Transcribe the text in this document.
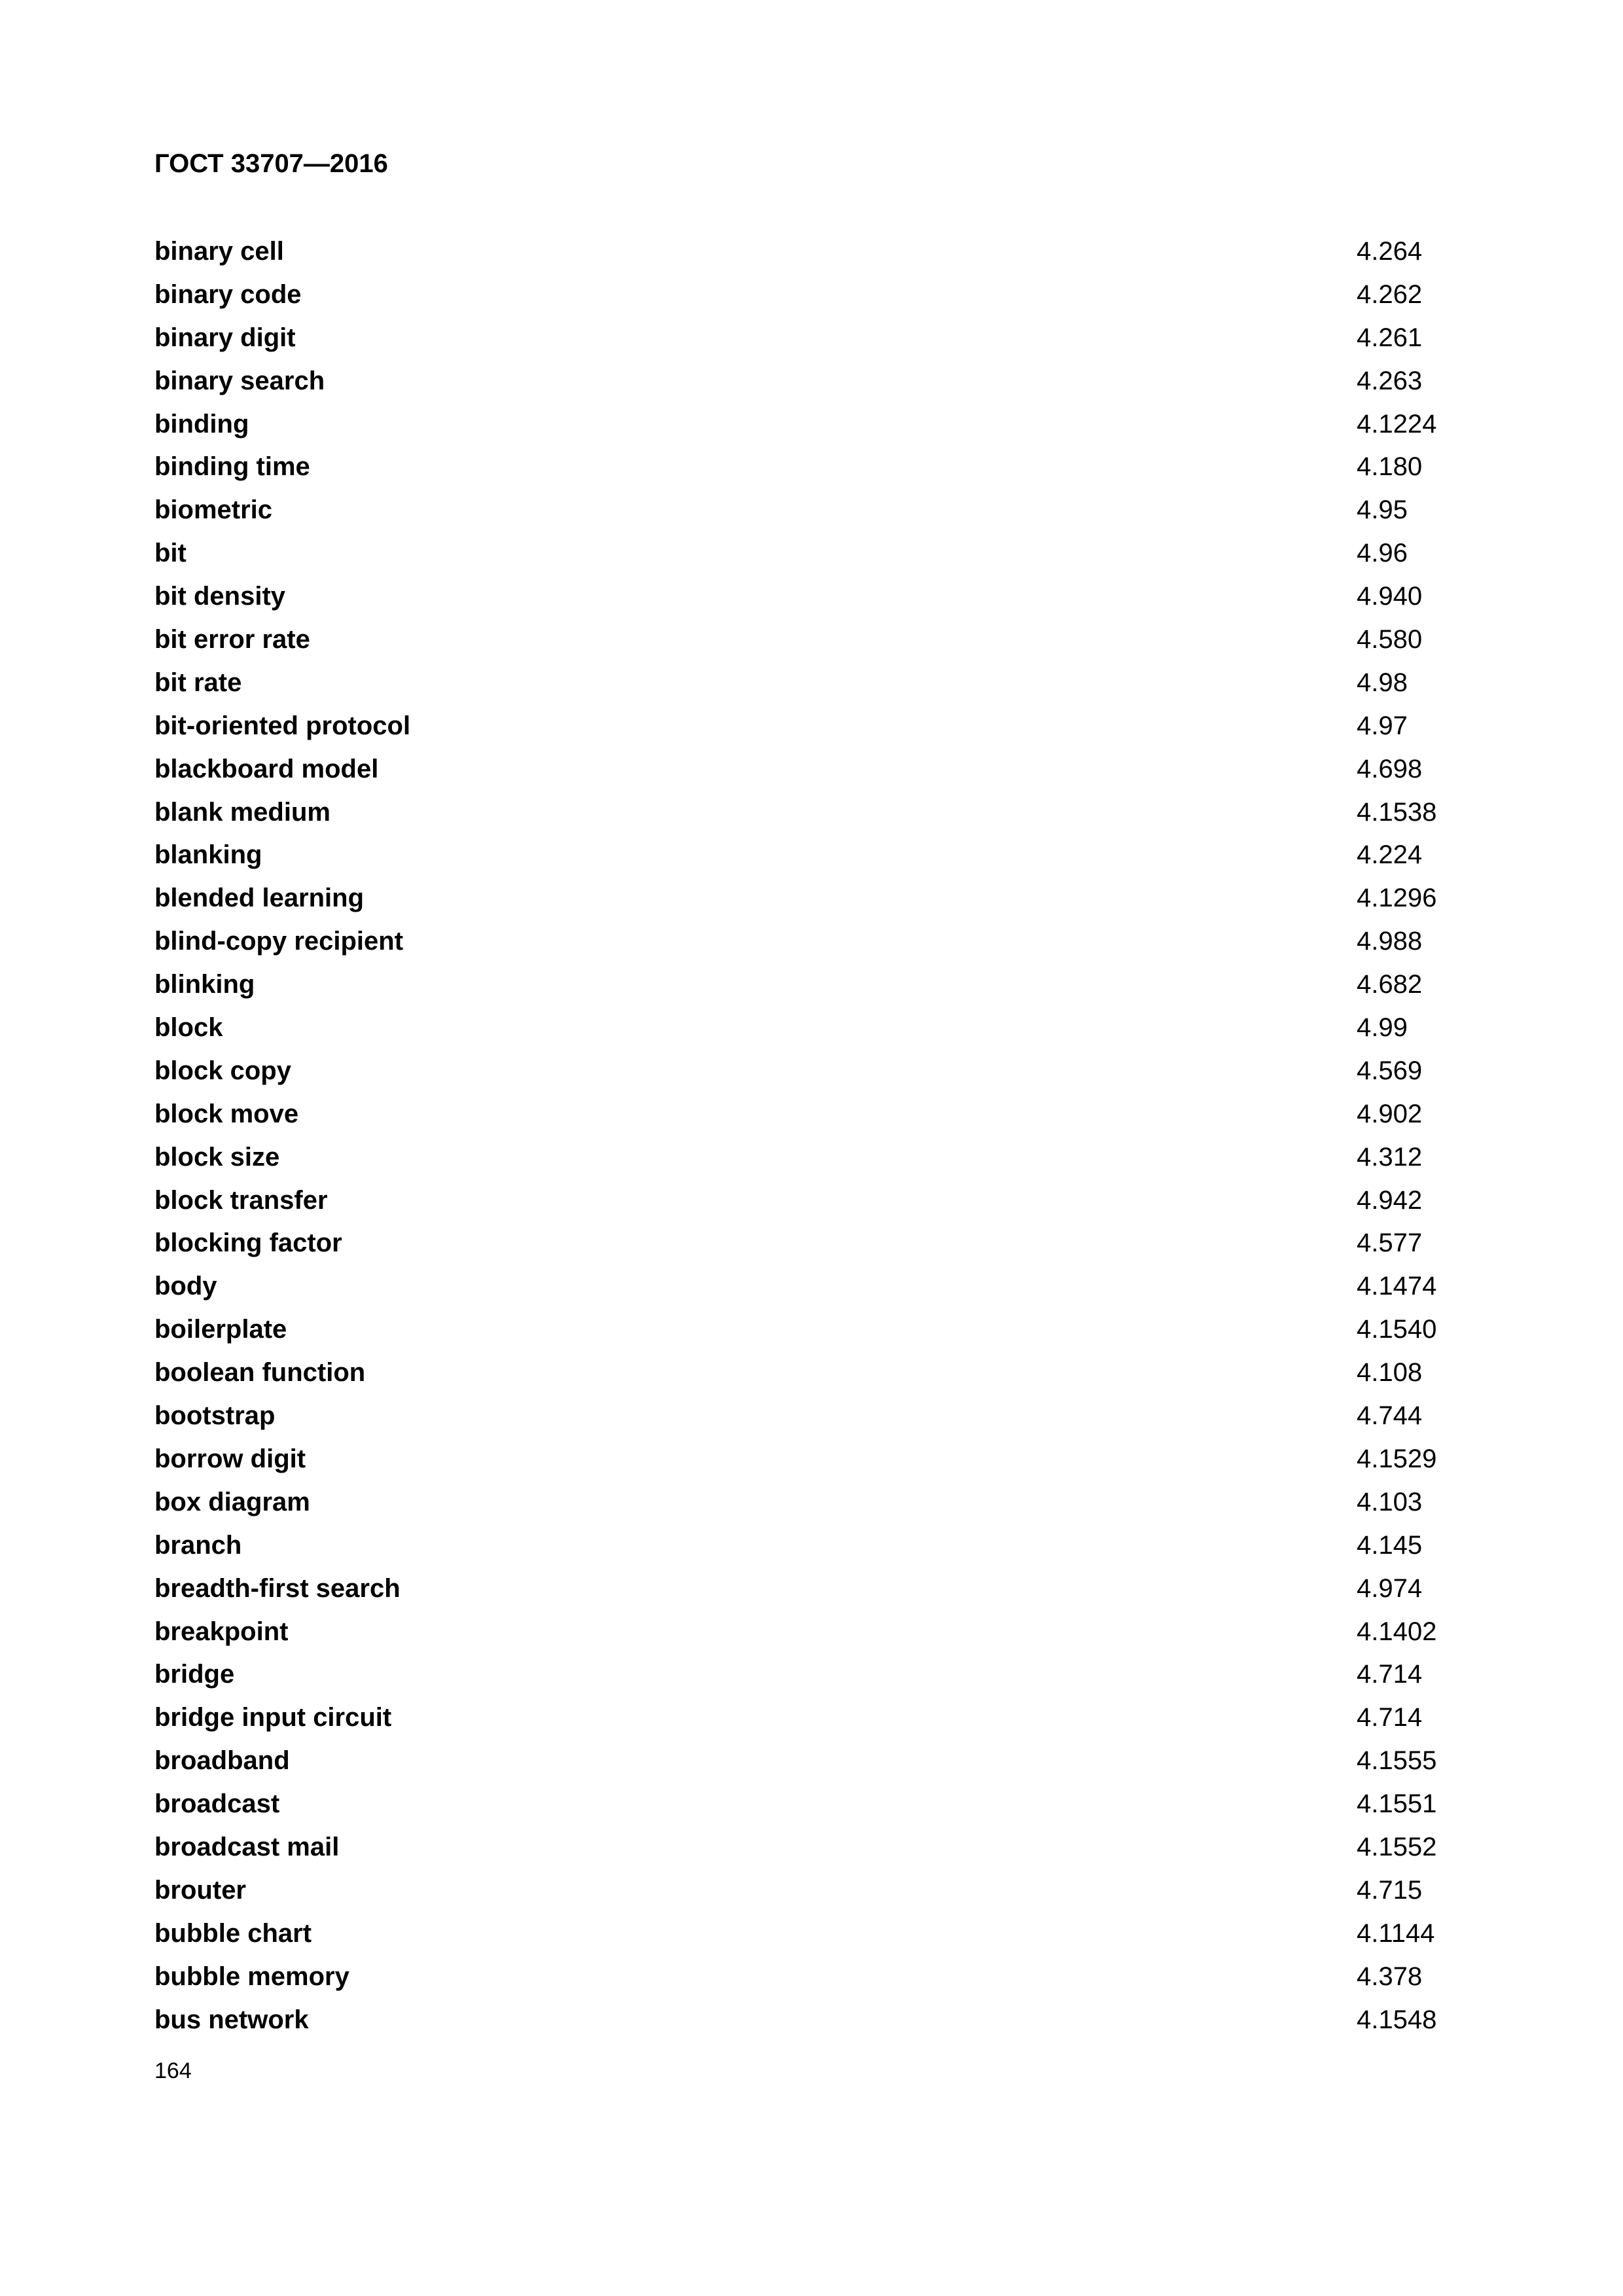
ГОСТ 33707—2016
binary cell	4.264
binary code	4.262
binary digit	4.261
binary search	4.263
binding	4.1224
binding time	4.180
biometric	4.95
bit	4.96
bit density	4.940
bit error rate	4.580
bit rate	4.98
bit-oriented protocol	4.97
blackboard model	4.698
blank medium	4.1538
blanking	4.224
blended learning	4.1296
blind-copy recipient	4.988
blinking	4.682
block	4.99
block copy	4.569
block move	4.902
block size	4.312
block transfer	4.942
blocking factor	4.577
body	4.1474
boilerplate	4.1540
boolean function	4.108
bootstrap	4.744
borrow digit	4.1529
box diagram	4.103
branch	4.145
breadth-first search	4.974
breakpoint	4.1402
bridge	4.714
bridge input circuit	4.714
broadband	4.1555
broadcast	4.1551
broadcast mail	4.1552
brouter	4.715
bubble chart	4.1144
bubble memory	4.378
bus network	4.1548
164
